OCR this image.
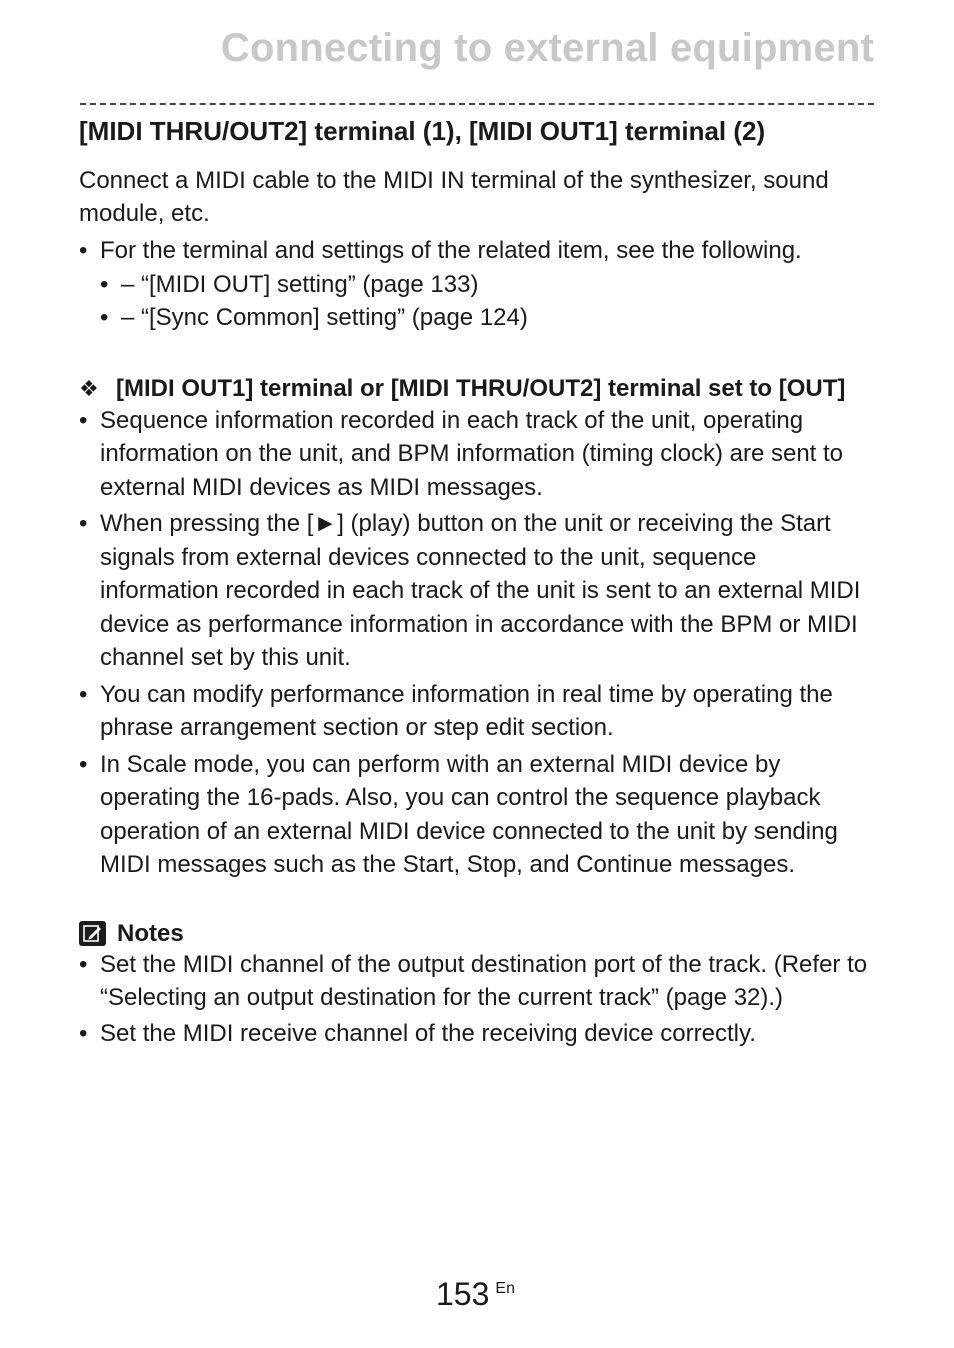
Connecting to external equipment
[MIDI THRU/OUT2] terminal (1), [MIDI OUT1] terminal (2)

Connect a MIDI cable to the MIDI IN terminal of the synthesizer, sound module, etc.

• For the terminal and settings of the related item, see the following.
• – “[MIDI OUT] setting” (page 133)
• – “[Sync Common] setting” (page 124)
❖ [MIDI OUT1] terminal or [MIDI THRU/OUT2] terminal set to [OUT]
• Sequence information recorded in each track of the unit, operating information on the unit, and BPM information (timing clock) are sent to external MIDI devices as MIDI messages.
• When pressing the [►] (play) button on the unit or receiving the Start signals from external devices connected to the unit, sequence information recorded in each track of the unit is sent to an external MIDI device as performance information in accordance with the BPM or MIDI channel set by this unit.
• You can modify performance information in real time by operating the phrase arrangement section or step edit section.
• In Scale mode, you can perform with an external MIDI device by operating the 16-pads. Also, you can control the sequence playback operation of an external MIDI device connected to the unit by sending MIDI messages such as the Start, Stop, and Continue messages.
Notes
• Set the MIDI channel of the output destination port of the track. (Refer to “Selecting an output destination for the current track” (page 32).)
• Set the MIDI receive channel of the receiving device correctly.
153 $^{En}$
